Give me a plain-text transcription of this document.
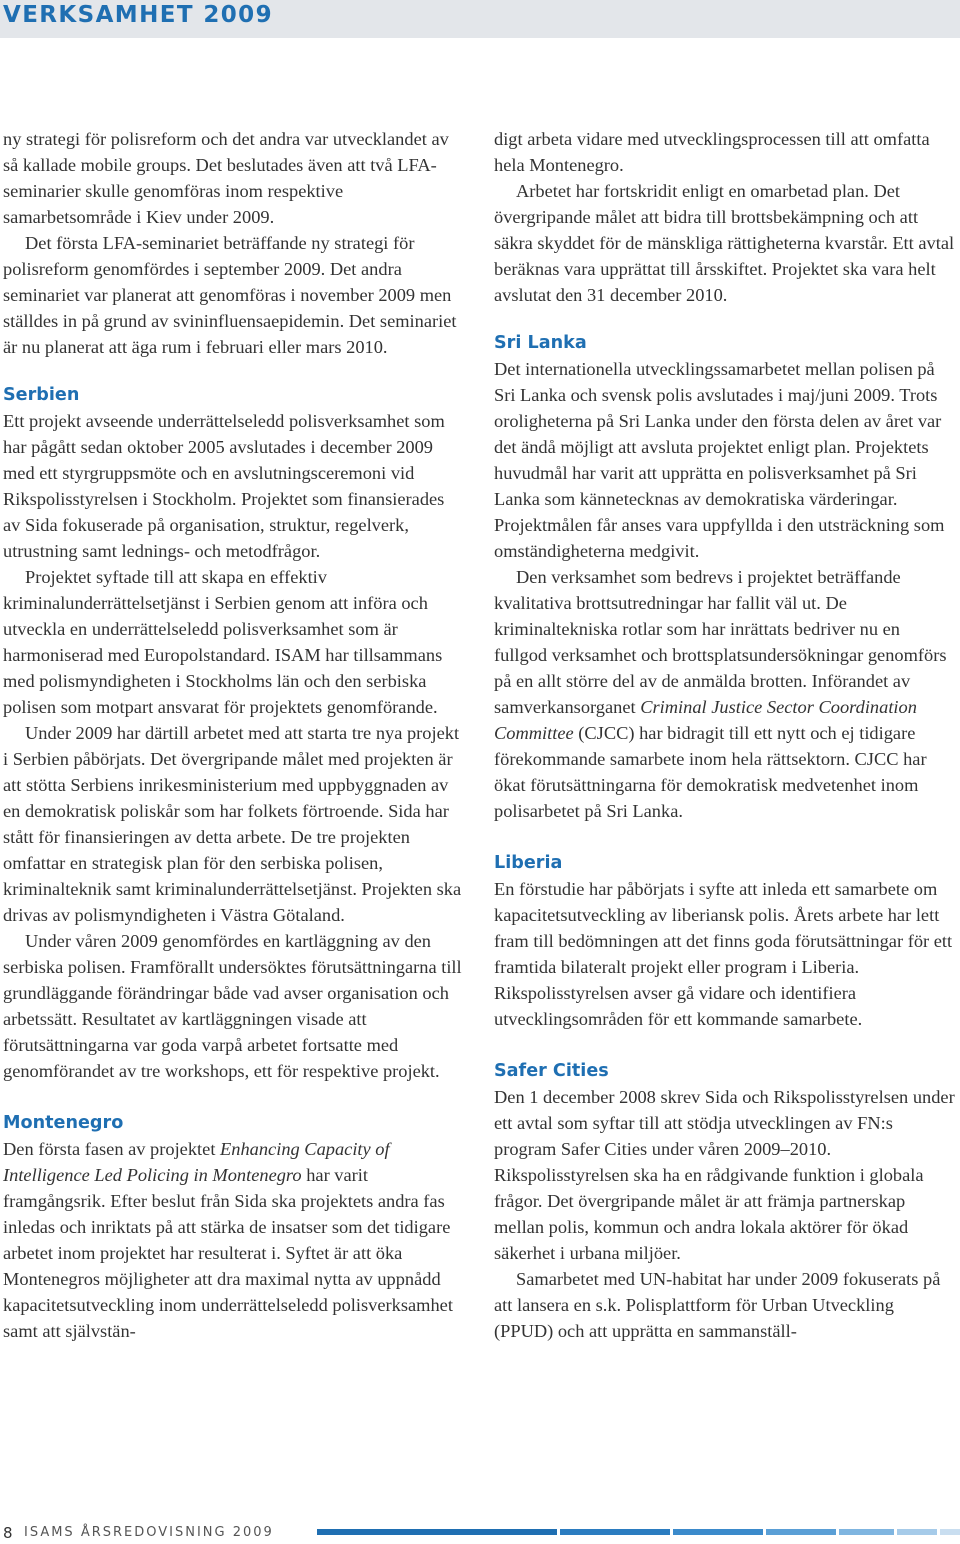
VERKSAMHET 2009

ny strategi för polisreform och det andra var utvecklandet av så kallade mobile groups. Det beslutades även att två LFA-seminarier skulle genomföras inom respektive samarbetsområde i Kiev under 2009.

Det första LFA-seminariet beträffande ny strategi för polisreform genomfördes i september 2009. Det andra seminariet var planerat att genomföras i november 2009 men ställdes in på grund av svininfluensaepidemin. Det seminariet är nu planerat att äga rum i februari eller mars 2010.

Serbien

Ett projekt avseende underrättelseledd polisverksamhet som har pågått sedan oktober 2005 avslutades i december 2009 med ett styrgruppsmöte och en avslutningsceremoni vid Rikspolisstyrelsen i Stockholm. Projektet som finansierades av Sida fokuserade på organisation, struktur, regelverk, utrustning samt lednings- och metodfrågor.

Projektet syftade till att skapa en effektiv kriminalunderrättelsetjänst i Serbien genom att införa och utveckla en underrättelseledd polisverksamhet som är harmoniserad med Europolstandard. ISAM har tillsammans med polismyndigheten i Stockholms län och den serbiska polisen som motpart ansvarat för projektets genomförande.

Under 2009 har därtill arbetet med att starta tre nya projekt i Serbien påbörjats. Det övergripande målet med projekten är att stötta Serbiens inrikesministerium med uppbyggnaden av en demokratisk poliskår som har folkets förtroende. Sida har stått för finansieringen av detta arbete. De tre projekten omfattar en strategisk plan för den serbiska polisen, kriminalteknik samt kriminalunderrättelsetjänst. Projekten ska drivas av polismyndigheten i Västra Götaland.

Under våren 2009 genomfördes en kartläggning av den serbiska polisen. Framförallt undersöktes förutsättningarna till grundläggande förändringar både vad avser organisation och arbetssätt. Resultatet av kartläggningen visade att förutsättningarna var goda varpå arbetet fortsatte med genomförandet av tre workshops, ett för respektive projekt.

Montenegro

Den första fasen av projektet Enhancing Capacity of Intelligence Led Policing in Montenegro har varit framgångsrik. Efter beslut från Sida ska projektets andra fas inledas och inriktats på att stärka de insatser som det tidigare arbetet inom projektet har resulterat i. Syftet är att öka Montenegros möjligheter att dra maximal nytta av uppnådd kapacitetsutveckling inom underrättelseledd polisverksamhet samt att självstän-

digt arbeta vidare med utvecklingsprocessen till att omfatta hela Montenegro.

Arbetet har fortskridit enligt en omarbetad plan. Det övergripande målet att bidra till brottsbekämpning och att säkra skyddet för de mänskliga rättigheterna kvarstår. Ett avtal beräknas vara upprättat till årsskiftet. Projektet ska vara helt avslutat den 31 december 2010.

Sri Lanka

Det internationella utvecklingssamarbetet mellan polisen på Sri Lanka och svensk polis avslutades i maj/juni 2009. Trots oroligheterna på Sri Lanka under den första delen av året var det ändå möjligt att avsluta projektet enligt plan. Projektets huvudmål har varit att upprätta en polisverksamhet på Sri Lanka som kännetecknas av demokratiska värderingar. Projektmålen får anses vara uppfyllda i den utsträckning som omständigheterna medgivit.

Den verksamhet som bedrevs i projektet beträffande kvalitativa brottsutredningar har fallit väl ut. De kriminaltekniska rotlar som har inrättats bedriver nu en fullgod verksamhet och brottsplatsundersökningar genomförs på en allt större del av de anmälda brotten. Införandet av samverkansorganet Criminal Justice Sector Coordination Committee (CJCC) har bidragit till ett nytt och ej tidigare förekommande samarbete inom hela rättsektorn. CJCC har ökat förutsättningarna för demokratisk medvetenhet inom polisarbetet på Sri Lanka.

Liberia

En förstudie har påbörjats i syfte att inleda ett samarbete om kapacitetsutveckling av liberiansk polis. Årets arbete har lett fram till bedömningen att det finns goda förutsättningar för ett framtida bilateralt projekt eller program i Liberia. Rikspolisstyrelsen avser gå vidare och identifiera utvecklingsområden för ett kommande samarbete.

Safer Cities

Den 1 december 2008 skrev Sida och Rikspolisstyrelsen under ett avtal som syftar till att stödja utvecklingen av FN:s program Safer Cities under våren 2009–2010. Rikspolisstyrelsen ska ha en rådgivande funktion i globala frågor. Det övergripande målet är att främja partnerskap mellan polis, kommun och andra lokala aktörer för ökad säkerhet i urbana miljöer.

Samarbetet med UN-habitat har under 2009 fokuserats på att lansera en s.k. Polisplattform för Urban Utveckling (PPUD) och att upprätta en sammanställ-

8 ISAMS ÅRSREDOVISNING 2009
